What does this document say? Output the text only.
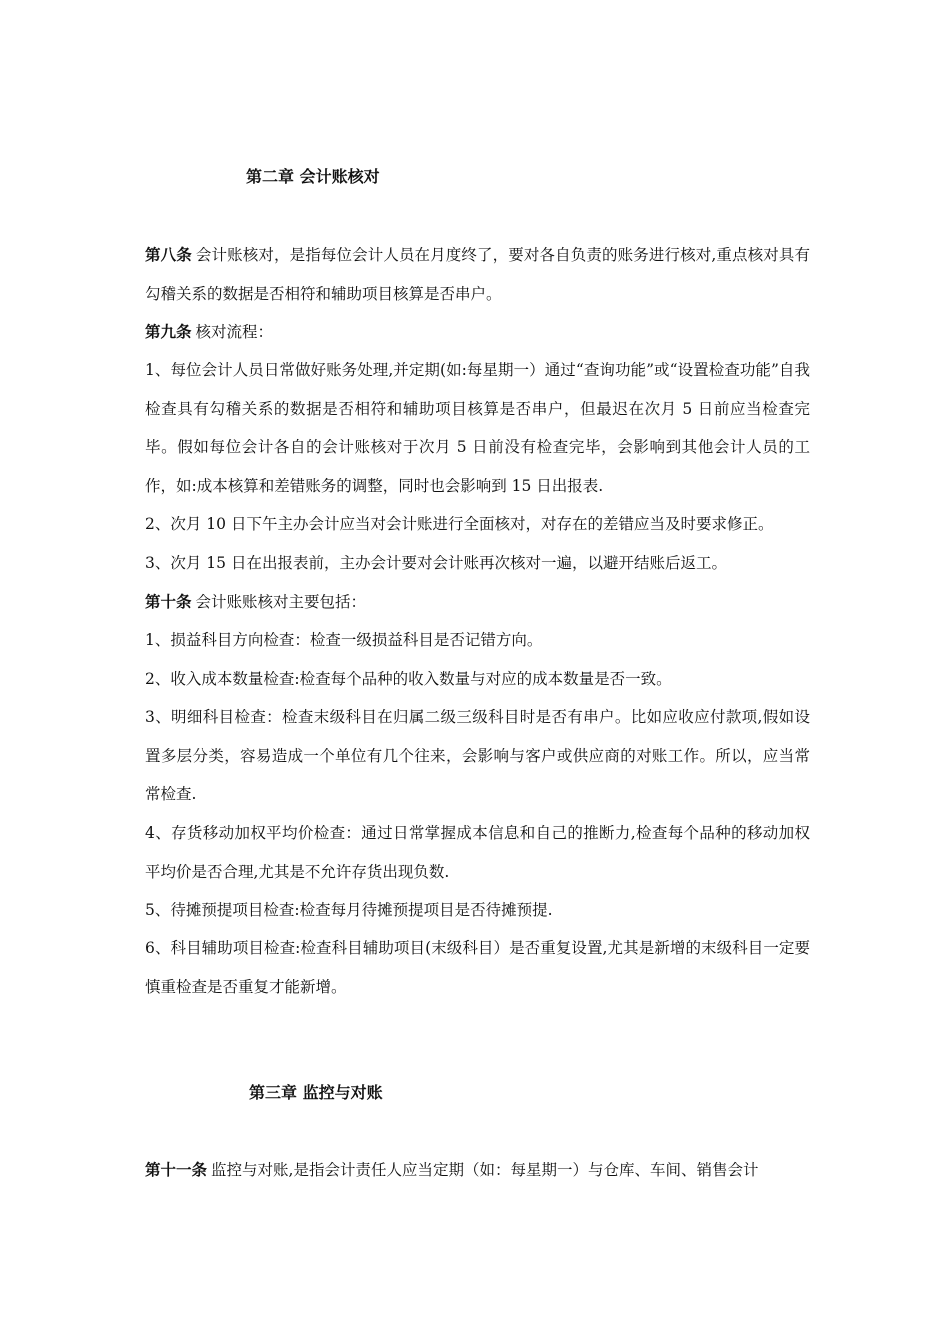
第二章 会计账核对
第八条 会计账核对，是指每位会计人员在月度终了，要对各自负责的账务进行核对,重点核对具有勾稽关系的数据是否相符和辅助项目核算是否串户。
第九条 核对流程：
1、每位会计人员日常做好账务处理,并定期(如:每星期一）通过“查询功能”或“设置检查功能”自我检查具有勾稽关系的数据是否相符和辅助项目核算是否串户，但最迟在次月 5 日前应当检查完毕。假如每位会计各自的会计账核对于次月 5 日前没有检查完毕，会影响到其他会计人员的工作，如:成本核算和差错账务的调整，同时也会影响到 15 日出报表.
2、次月 10 日下午主办会计应当对会计账进行全面核对，对存在的差错应当及时要求修正。
3、次月 15 日在出报表前，主办会计要对会计账再次核对一遍，以避开结账后返工。
第十条 会计账账核对主要包括：
1、损益科目方向检查：检查一级损益科目是否记错方向。
2、收入成本数量检查:检查每个品种的收入数量与对应的成本数量是否一致。
3、明细科目检查：检查末级科目在归属二级三级科目时是否有串户。比如应收应付款项,假如设置多层分类，容易造成一个单位有几个往来，会影响与客户或供应商的对账工作。所以，应当常常检查.
4、存货移动加权平均价检查：通过日常掌握成本信息和自己的推断力,检查每个品种的移动加权平均价是否合理,尤其是不允许存货出现负数.
5、待摊预提项目检查:检查每月待摊预提项目是否待摊预提.
6、科目辅助项目检查:检查科目辅助项目(末级科目）是否重复设置,尤其是新增的末级科目一定要慎重检查是否重复才能新增。
第三章 监控与对账
第十一条 监控与对账,是指会计责任人应当定期（如：每星期一）与仓库、车间、销售会计
